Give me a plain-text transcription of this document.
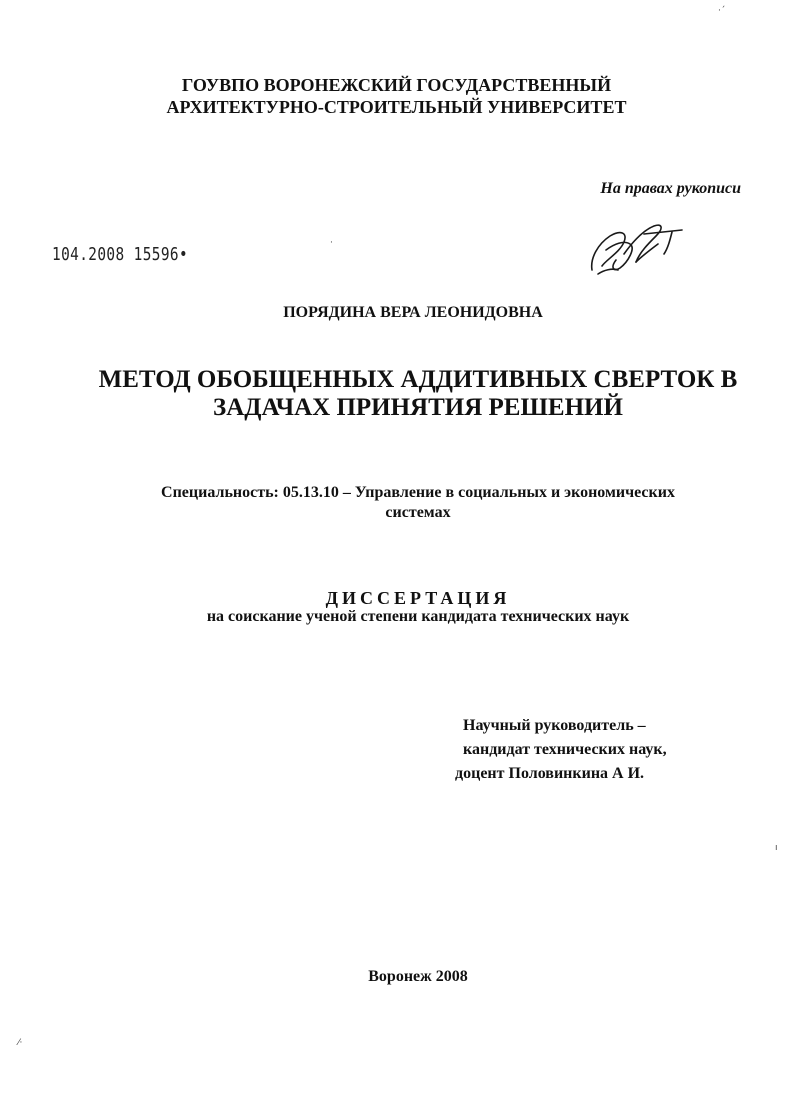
ГОУВПО ВОРОНЕЖСКИЙ ГОСУДАРСТВЕННЫЙ
АРХИТЕКТУРНО-СТРОИТЕЛЬНЫЙ УНИВЕРСИТЕТ
На правах рукописи
104.2008 15596•
ПОРЯДИНА ВЕРА ЛЕОНИДОВНА
МЕТОД ОБОБЩЕННЫХ АДДИТИВНЫХ СВЕРТОК В
ЗАДАЧАХ ПРИНЯТИЯ РЕШЕНИЙ
Специальность: 05.13.10 – Управление в социальных и экономических
системах
ДИССЕРТАЦИЯ
на соискание ученой степени кандидата технических наук
Научный руководитель –
кандидат технических наук,
доцент Половинкина А И.
Воронеж 2008
·´
·
ı
⁄·
